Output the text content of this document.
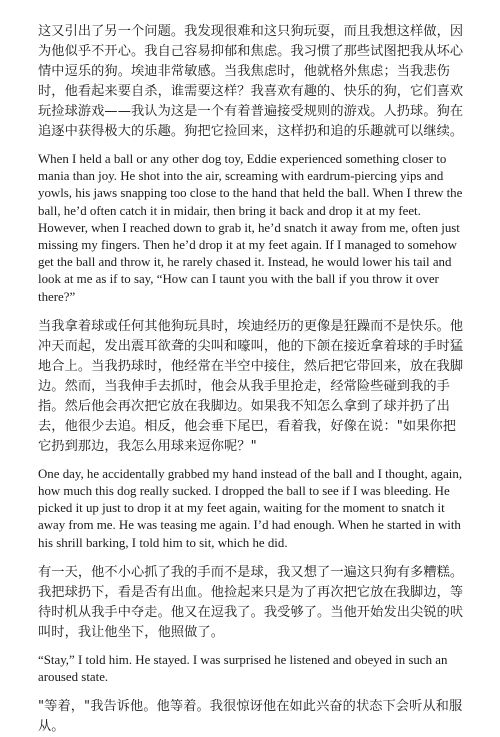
这又引出了另一个问题。我发现很难和这只狗玩耍，而且我想这样做，因为他似乎不开心。我自己容易抑郁和焦虑。我习惯了那些试图把我从坏心情中逗乐的狗。埃迪非常敏感。当我焦虑时，他就格外焦虑；当我悲伤时，他看起来要自杀，谁需要这样？我喜欢有趣的、快乐的狗，它们喜欢玩捡球游戏——我认为这是一个有着普遍接受规则的游戏。人扔球。狗在追逐中获得极大的乐趣。狗把它捡回来，这样扔和追的乐趣就可以继续。

When I held a ball or any other dog toy, Eddie experienced something closer to mania than joy. He shot into the air, screaming with eardrum-piercing yips and yowls, his jaws snapping too close to the hand that held the ball. When I threw the ball, he’d often catch it in midair, then bring it back and drop it at my feet. However, when I reached down to grab it, he’d snatch it away from me, often just missing my fingers. Then he’d drop it at my feet again. If I managed to somehow get the ball and throw it, he rarely chased it. Instead, he would lower his tail and look at me as if to say, “How can I taunt you with the ball if you throw it over there?”

当我拿着球或任何其他狗玩具时，埃迪经历的更像是狂躁而不是快乐。他冲天而起，发出震耳欲聋的尖叫和嚎叫，他的下颌在接近拿着球的手时猛地合上。当我扔球时，他经常在半空中接住，然后把它带回来，放在我脚边。然而，当我伸手去抓时，他会从我手里抢走，经常险些碰到我的手指。然后他会再次把它放在我脚边。如果我不知怎么拿到了球并扔了出去，他很少去追。相反，他会垂下尾巴，看着我，好像在说："如果你把它扔到那边，我怎么用球来逗你呢？"

One day, he accidentally grabbed my hand instead of the ball and I thought, again, how much this dog really sucked. I dropped the ball to see if I was bleeding. He picked it up just to drop it at my feet again, waiting for the moment to snatch it away from me. He was teasing me again. I’d had enough. When he started in with his shrill barking, I told him to sit, which he did.

有一天，他不小心抓了我的手而不是球，我又想了一遍这只狗有多糟糕。我把球扔下，看是否有出血。他捡起来只是为了再次把它放在我脚边，等待时机从我手中夺走。他又在逗我了。我受够了。当他开始发出尖锐的吠叫时，我让他坐下，他照做了。

“Stay,” I told him. He stayed. I was surprised he listened and obeyed in such an aroused state.

"等着，"我告诉他。他等着。我很惊讶他在如此兴奋的状态下会听从和服从。
